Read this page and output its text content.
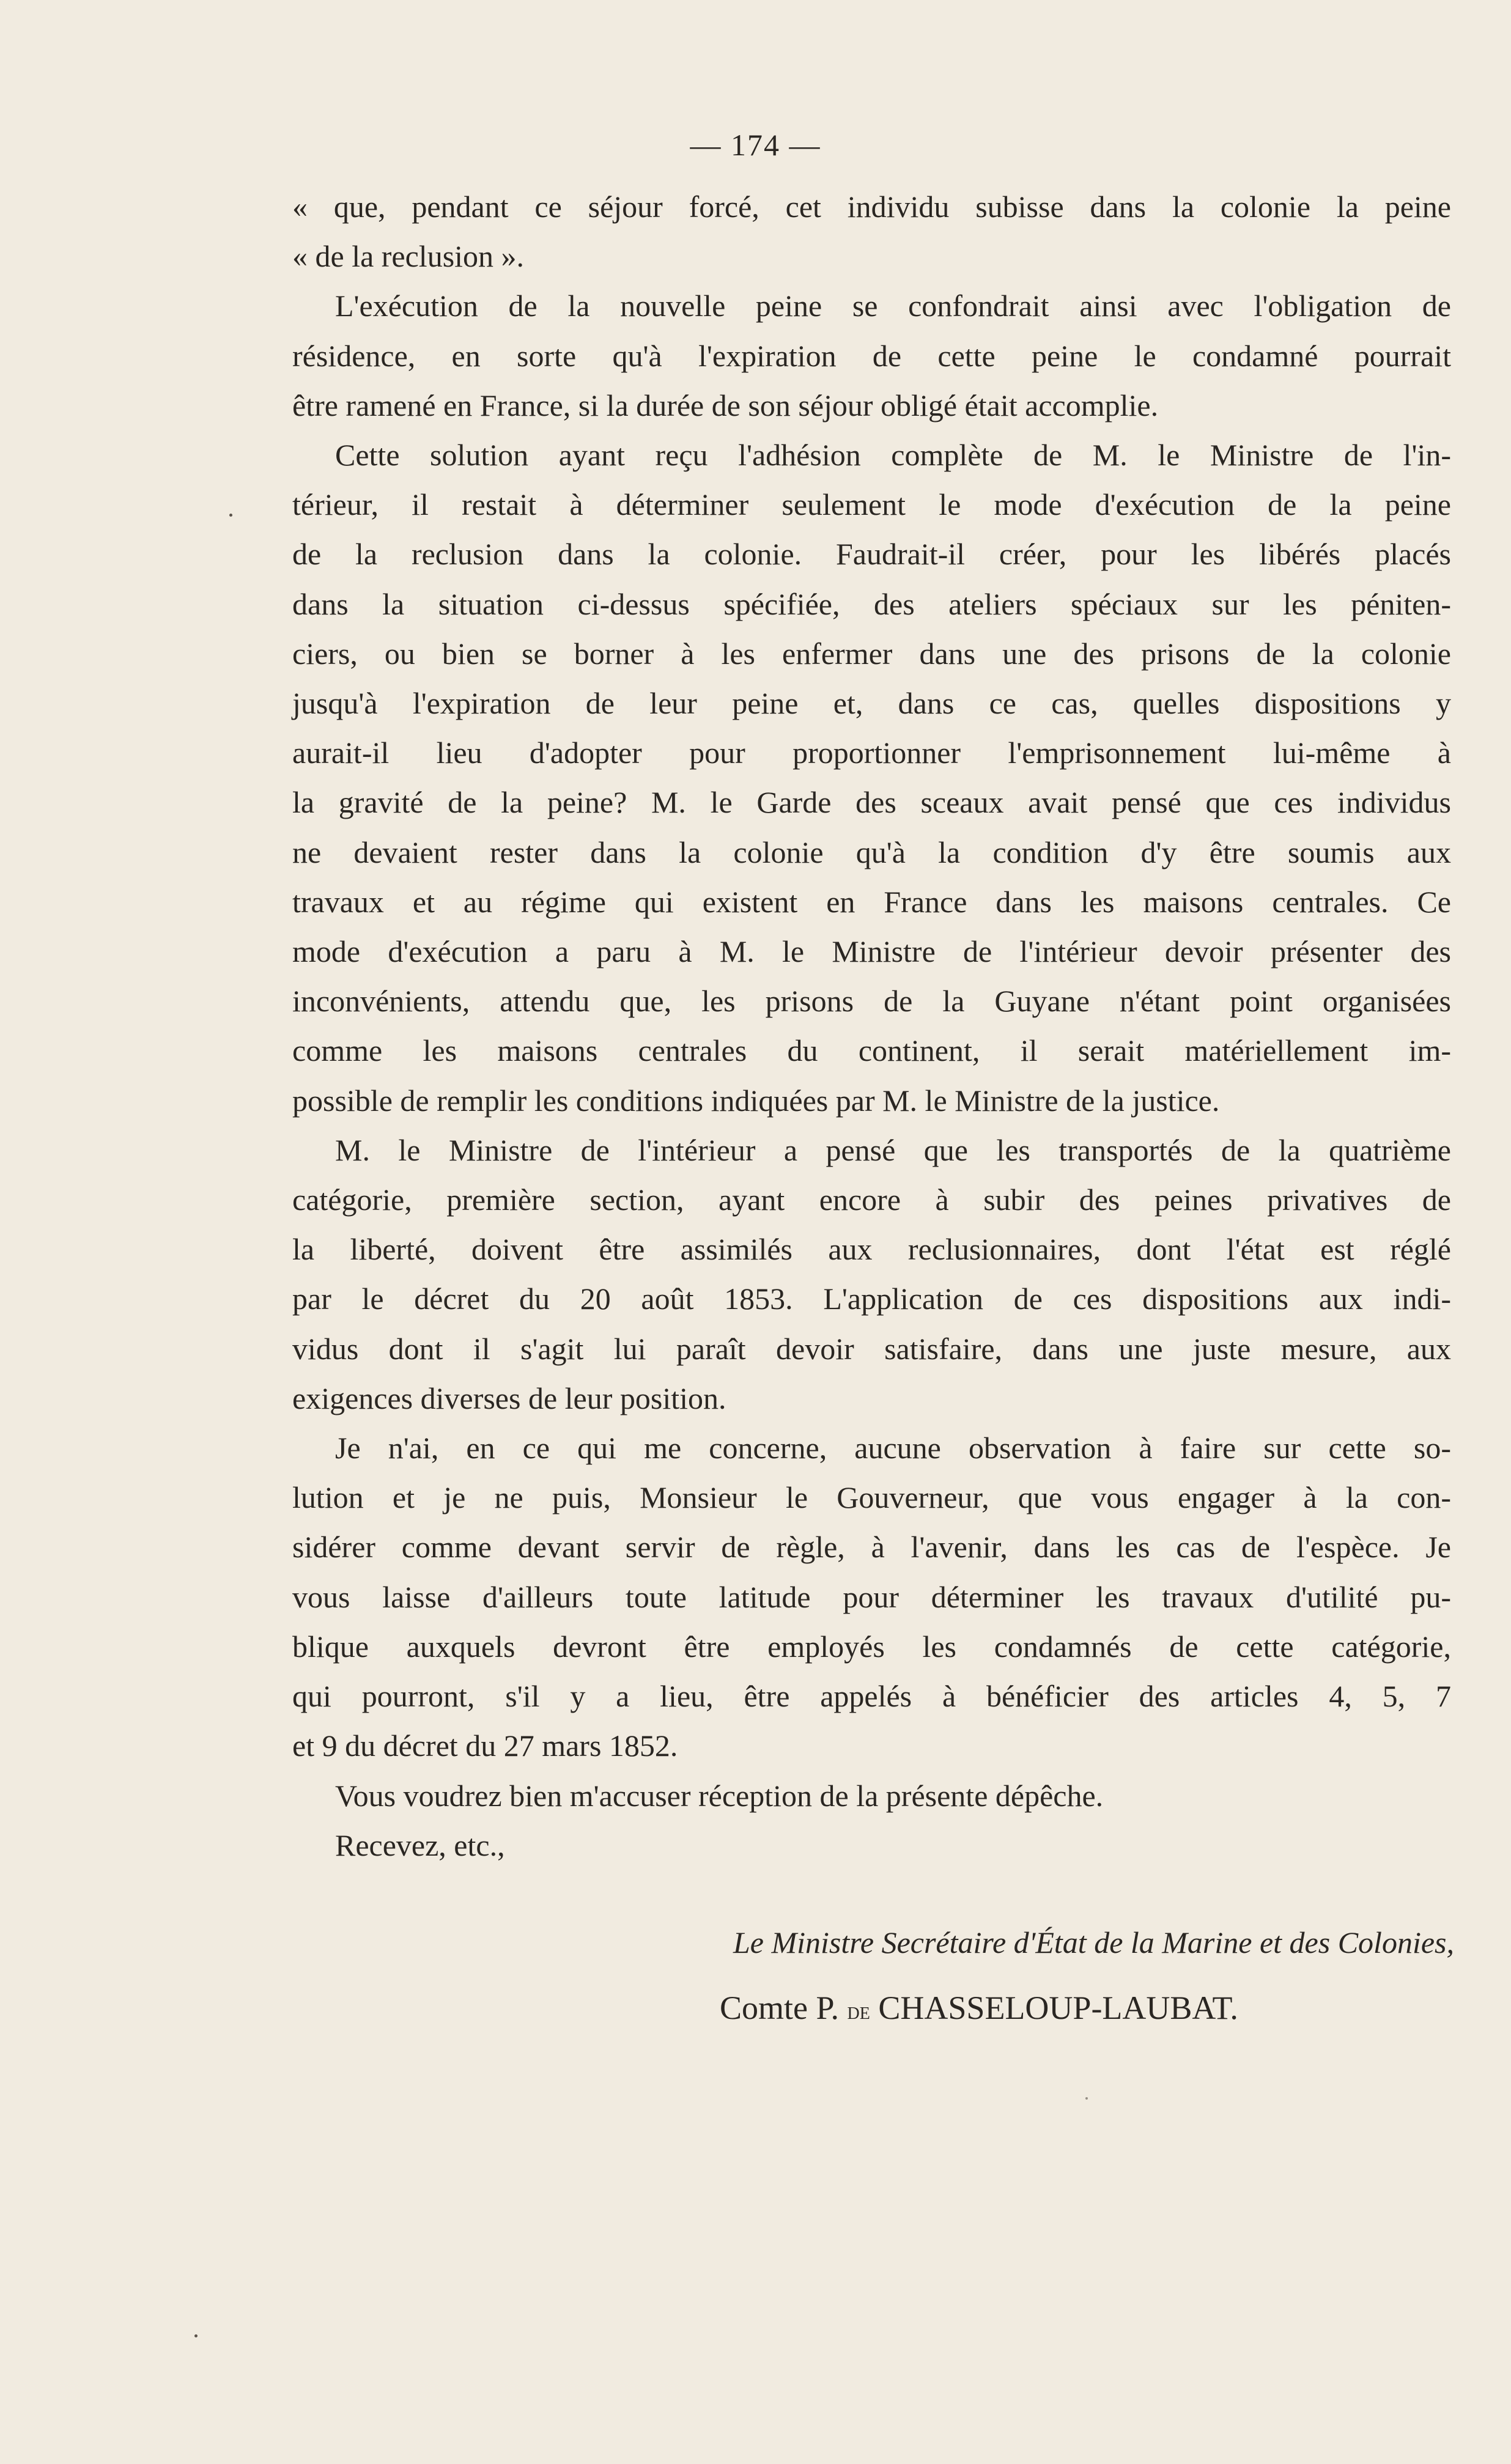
— 174 —
« que, pendant ce séjour forcé, cet individu subisse dans la colonie la peine
« de la reclusion ».
L'exécution de la nouvelle peine se confondrait ainsi avec l'obligation de
résidence, en sorte qu'à l'expiration de cette peine le condamné pourrait
être ramené en France, si la durée de son séjour obligé était accomplie.
Cette solution ayant reçu l'adhésion complète de M. le Ministre de l'in-
térieur, il restait à déterminer seulement le mode d'exécution de la peine
de la reclusion dans la colonie. Faudrait-il créer, pour les libérés placés
dans la situation ci-dessus spécifiée, des ateliers spéciaux sur les péniten-
ciers, ou bien se borner à les enfermer dans une des prisons de la colonie
jusqu'à l'expiration de leur peine et, dans ce cas, quelles dispositions y
aurait-il lieu d'adopter pour proportionner l'emprisonnement lui-même à
la gravité de la peine? M. le Garde des sceaux avait pensé que ces individus
ne devaient rester dans la colonie qu'à la condition d'y être soumis aux
travaux et au régime qui existent en France dans les maisons centrales. Ce
mode d'exécution a paru à M. le Ministre de l'intérieur devoir présenter des
inconvénients, attendu que, les prisons de la Guyane n'étant point organisées
comme les maisons centrales du continent, il serait matériellement im-
possible de remplir les conditions indiquées par M. le Ministre de la justice.
M. le Ministre de l'intérieur a pensé que les transportés de la quatrième
catégorie, première section, ayant encore à subir des peines privatives de
la liberté, doivent être assimilés aux reclusionnaires, dont l'état est réglé
par le décret du 20 août 1853. L'application de ces dispositions aux indi-
vidus dont il s'agit lui paraît devoir satisfaire, dans une juste mesure, aux
exigences diverses de leur position.
Je n'ai, en ce qui me concerne, aucune observation à faire sur cette so-
lution et je ne puis, Monsieur le Gouverneur, que vous engager à la con-
sidérer comme devant servir de règle, à l'avenir, dans les cas de l'espèce. Je
vous laisse d'ailleurs toute latitude pour déterminer les travaux d'utilité pu-
blique auxquels devront être employés les condamnés de cette catégorie,
qui pourront, s'il y a lieu, être appelés à bénéficier des articles 4, 5, 7
et 9 du décret du 27 mars 1852.
Vous voudrez bien m'accuser réception de la présente dépêche.
Recevez, etc.,
Le Ministre Secrétaire d'État de la Marine et des Colonies,
Comte P. de CHASSELOUP-LAUBAT.
